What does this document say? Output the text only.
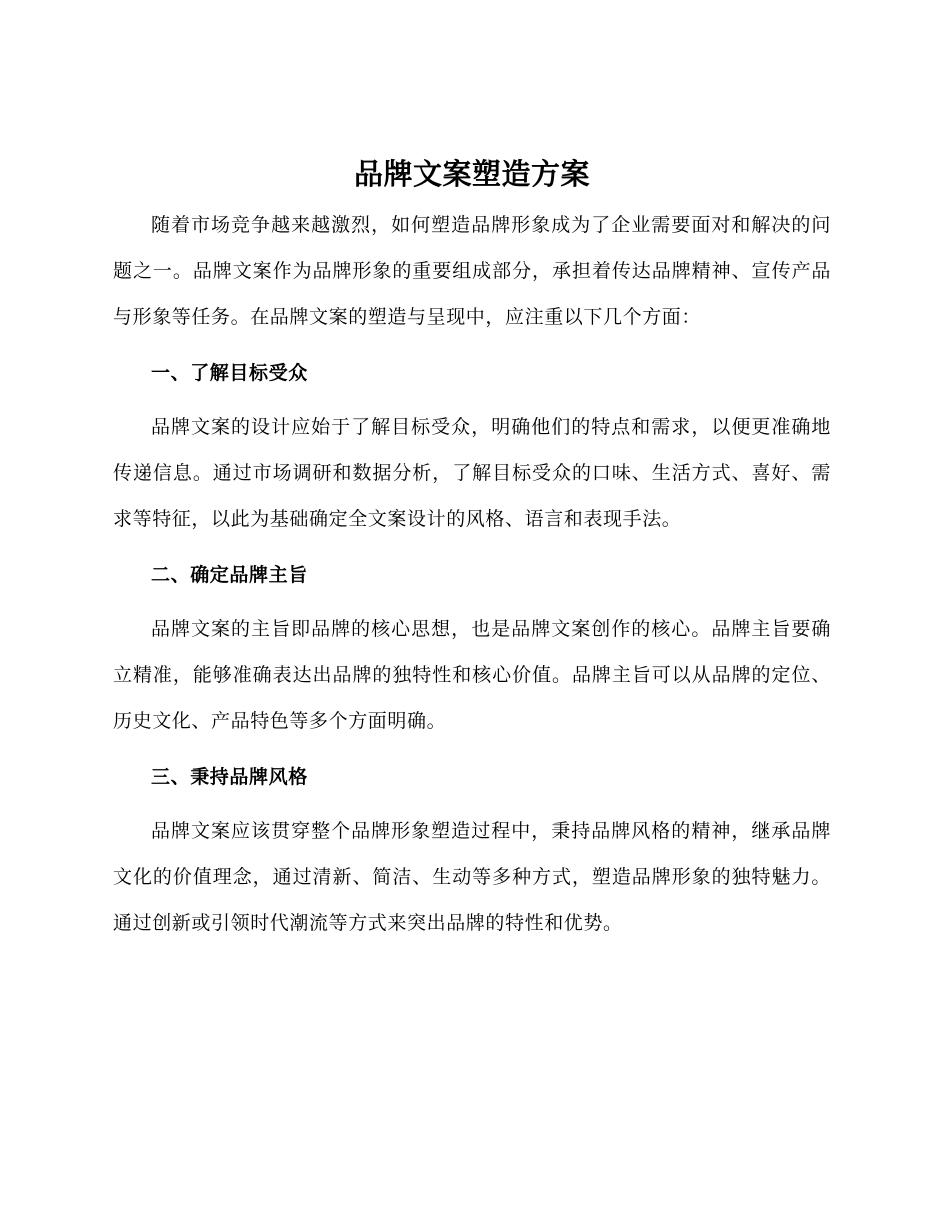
品牌文案塑造方案

随着市场竞争越来越激烈，如何塑造品牌形象成为了企业需要面对和解决的问题之一。品牌文案作为品牌形象的重要组成部分，承担着传达品牌精神、宣传产品与形象等任务。在品牌文案的塑造与呈现中，应注重以下几个方面：

一、了解目标受众

品牌文案的设计应始于了解目标受众，明确他们的特点和需求，以便更准确地传递信息。通过市场调研和数据分析，了解目标受众的口味、生活方式、喜好、需求等特征，以此为基础确定全文案设计的风格、语言和表现手法。

二、确定品牌主旨

品牌文案的主旨即品牌的核心思想，也是品牌文案创作的核心。品牌主旨要确立精准，能够准确表达出品牌的独特性和核心价值。品牌主旨可以从品牌的定位、历史文化、产品特色等多个方面明确。

三、秉持品牌风格

品牌文案应该贯穿整个品牌形象塑造过程中，秉持品牌风格的精神，继承品牌文化的价值理念，通过清新、简洁、生动等多种方式，塑造品牌形象的独特魅力。通过创新或引领时代潮流等方式来突出品牌的特性和优势。
